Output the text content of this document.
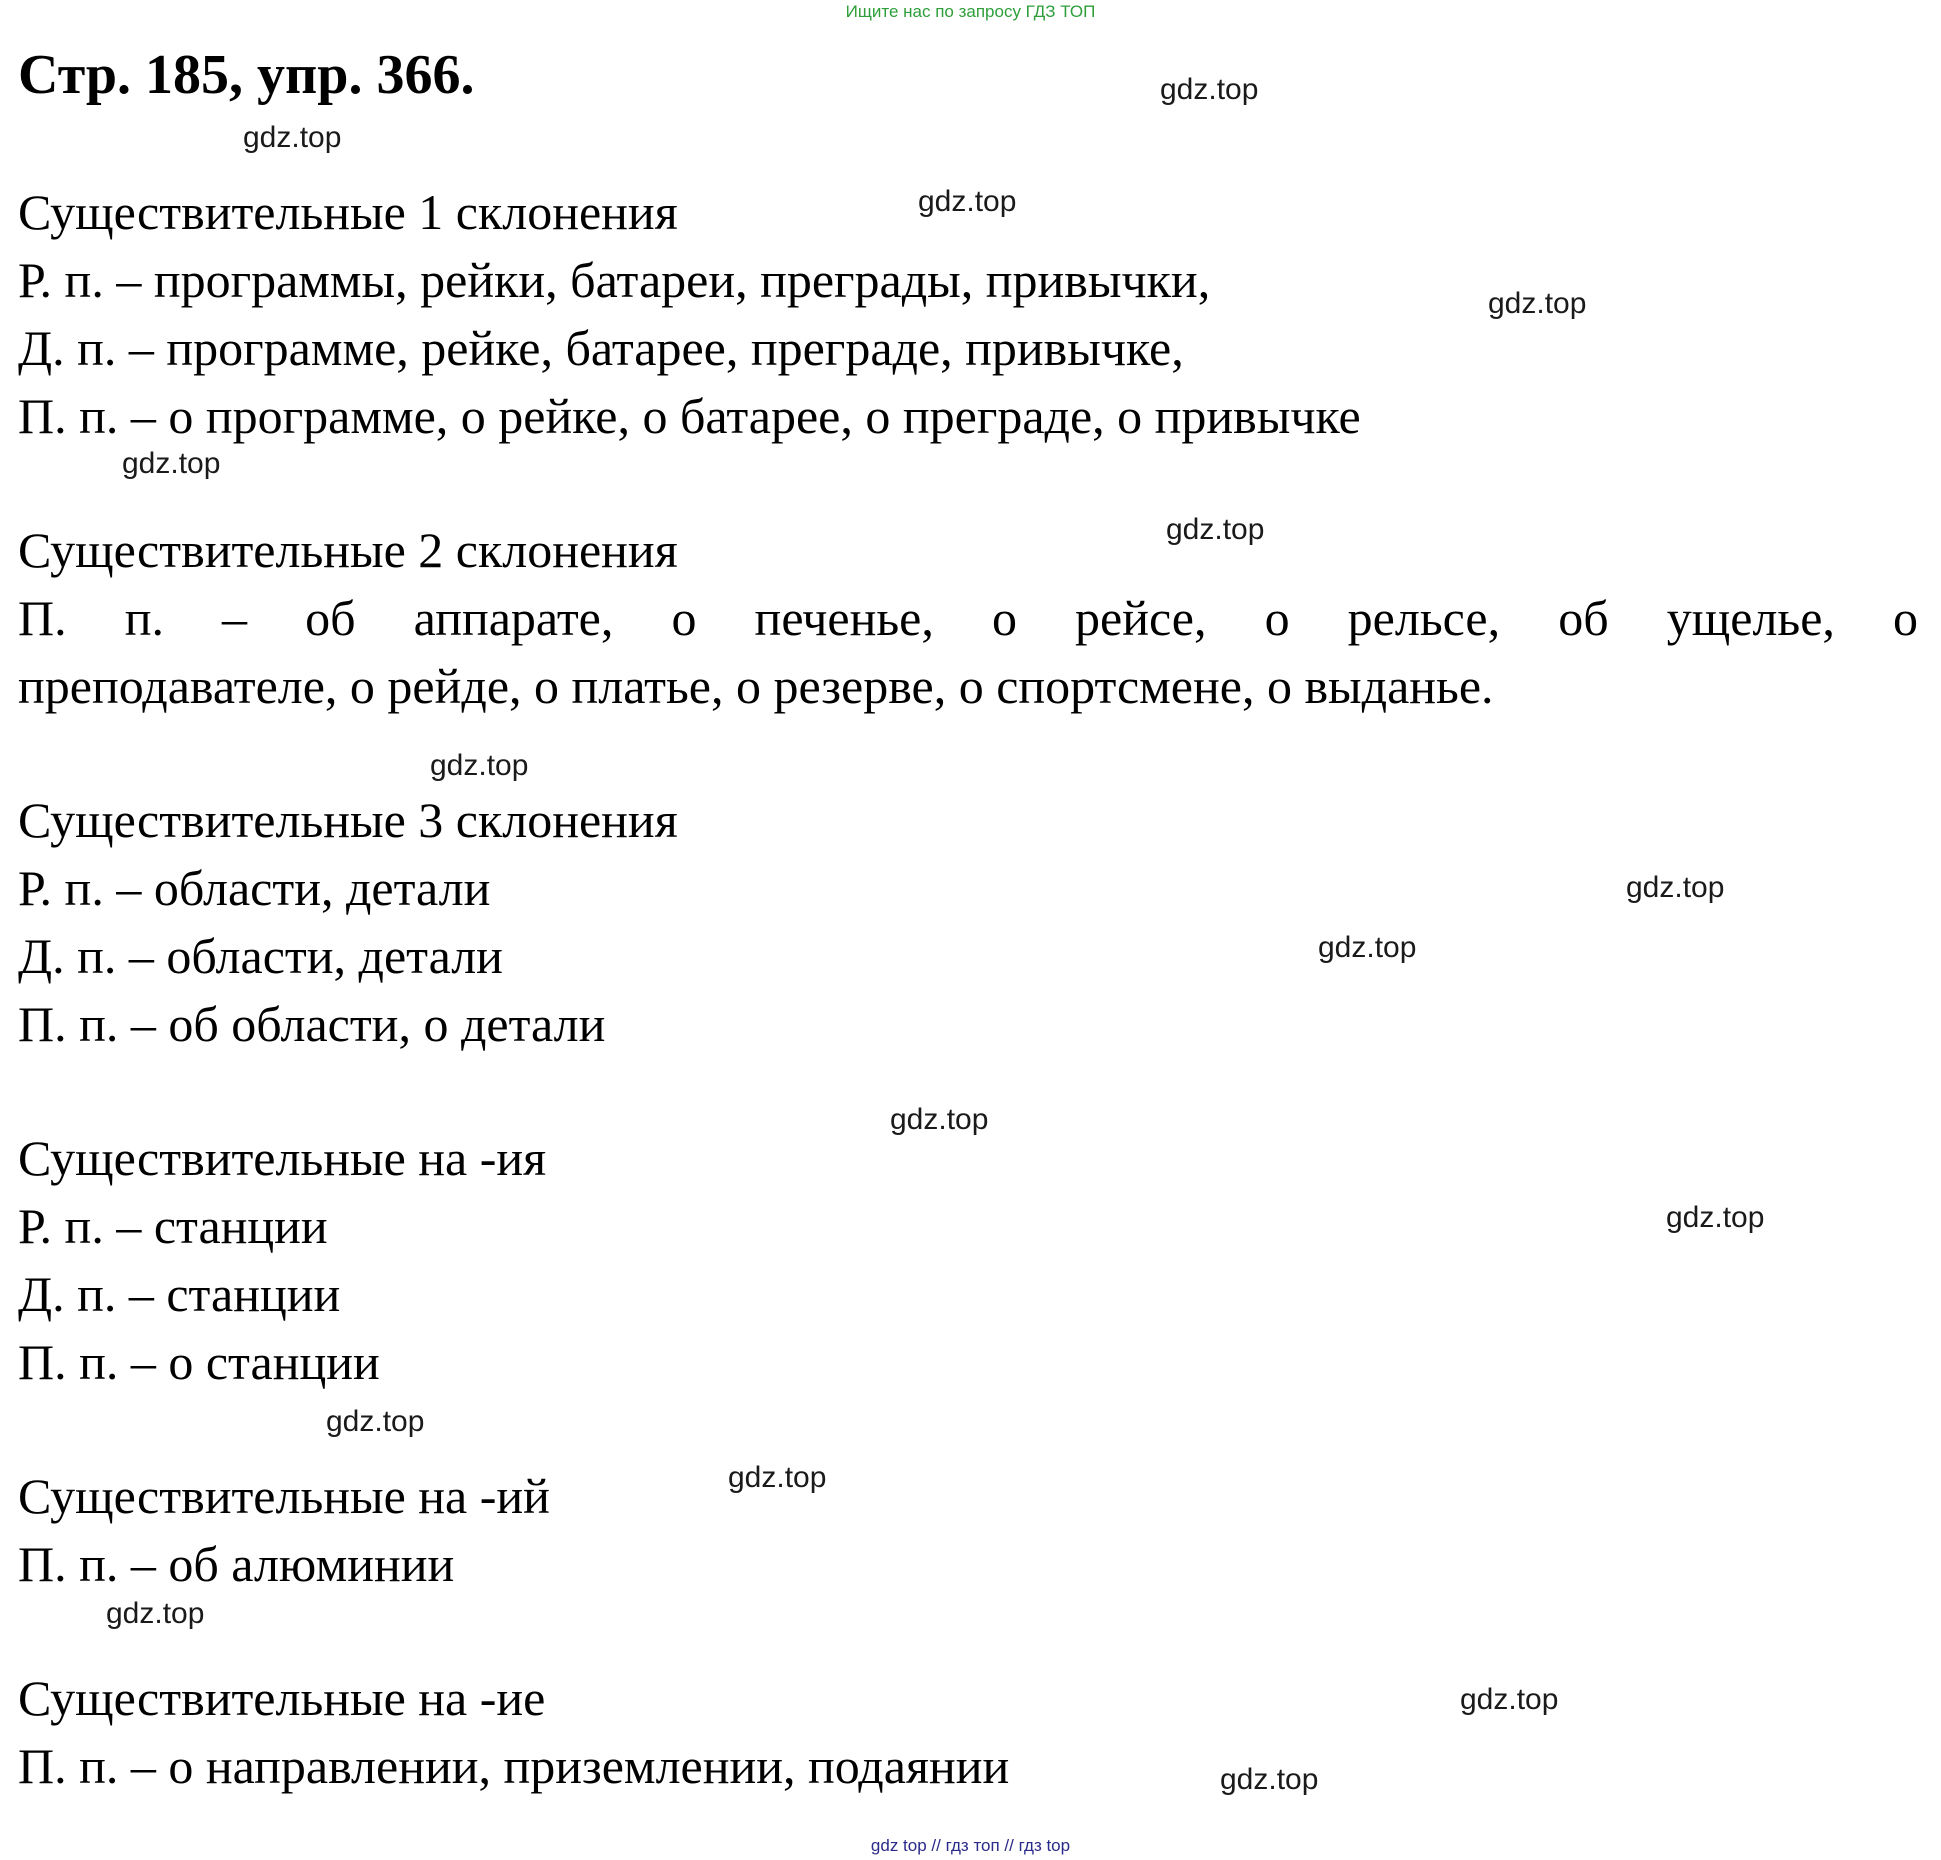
Ищите нас по запросу ГДЗ ТОП
Стр. 185, упр. 366.
Существительные 1 склонения
Р. п. – программы, рейки, батареи, преграды, привычки,
Д. п. – программе, рейке, батарее, преграде, привычке,
П. п. – о программе, о рейке, о батарее, о преграде, о привычке
Существительные 2 склонения
П. п. – об аппарате, о печенье, о рейсе, о рельсе, об ущелье, о
преподавателе, о рейде, о платье, о резерве, о спортсмене, о выданье.
Существительные 3 склонения
Р. п. – области, детали
Д. п. – области, детали
П. п. – об области, о детали
Существительные на -ия
Р. п. – станции
Д. п. – станции
П. п. – о станции
Существительные на -ий
П. п. – об алюминии
Существительные на -ие
П. п. – о направлении, приземлении, подаянии
gdz.top
gdz.top
gdz.top
gdz.top
gdz.top
gdz.top
gdz.top
gdz.top
gdz.top
gdz.top
gdz.top
gdz.top
gdz.top
gdz.top
gdz.top
gdz.top
gdz top // гдз топ // гдз top
